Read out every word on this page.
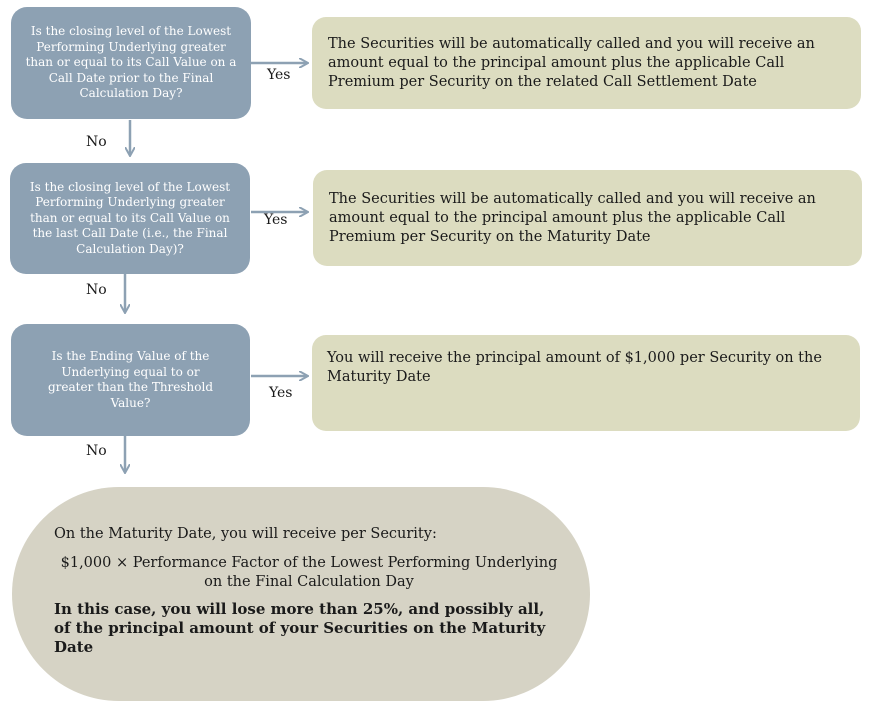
Is the closing level of the Lowest Performing Underlying greater than or equal to its Call Value on a Call Date prior to the Final Calculation Day?
Is the closing level of the Lowest Performing Underlying greater than or equal to its Call Value on the last Call Date (i.e., the Final Calculation Day)?
Is the Ending Value of the Underlying equal to or greater than the Threshold Value?
The Securities will be automatically called and you will receive an amount equal to the principal amount plus the applicable Call Premium per Security on the related Call Settlement Date
The Securities will be automatically called and you will receive an amount equal to the principal amount plus the applicable Call Premium per Security on the Maturity Date
You will receive the principal amount of $1,000 per Security on the Maturity Date
Yes
Yes
Yes
No
No
No
On the Maturity Date, you will receive per Security:
$1,000 × Performance Factor of the Lowest Performing Underlying on the Final Calculation Day
In this case, you will lose more than 25%, and possibly all, of the principal amount of your Securities on the Maturity Date
